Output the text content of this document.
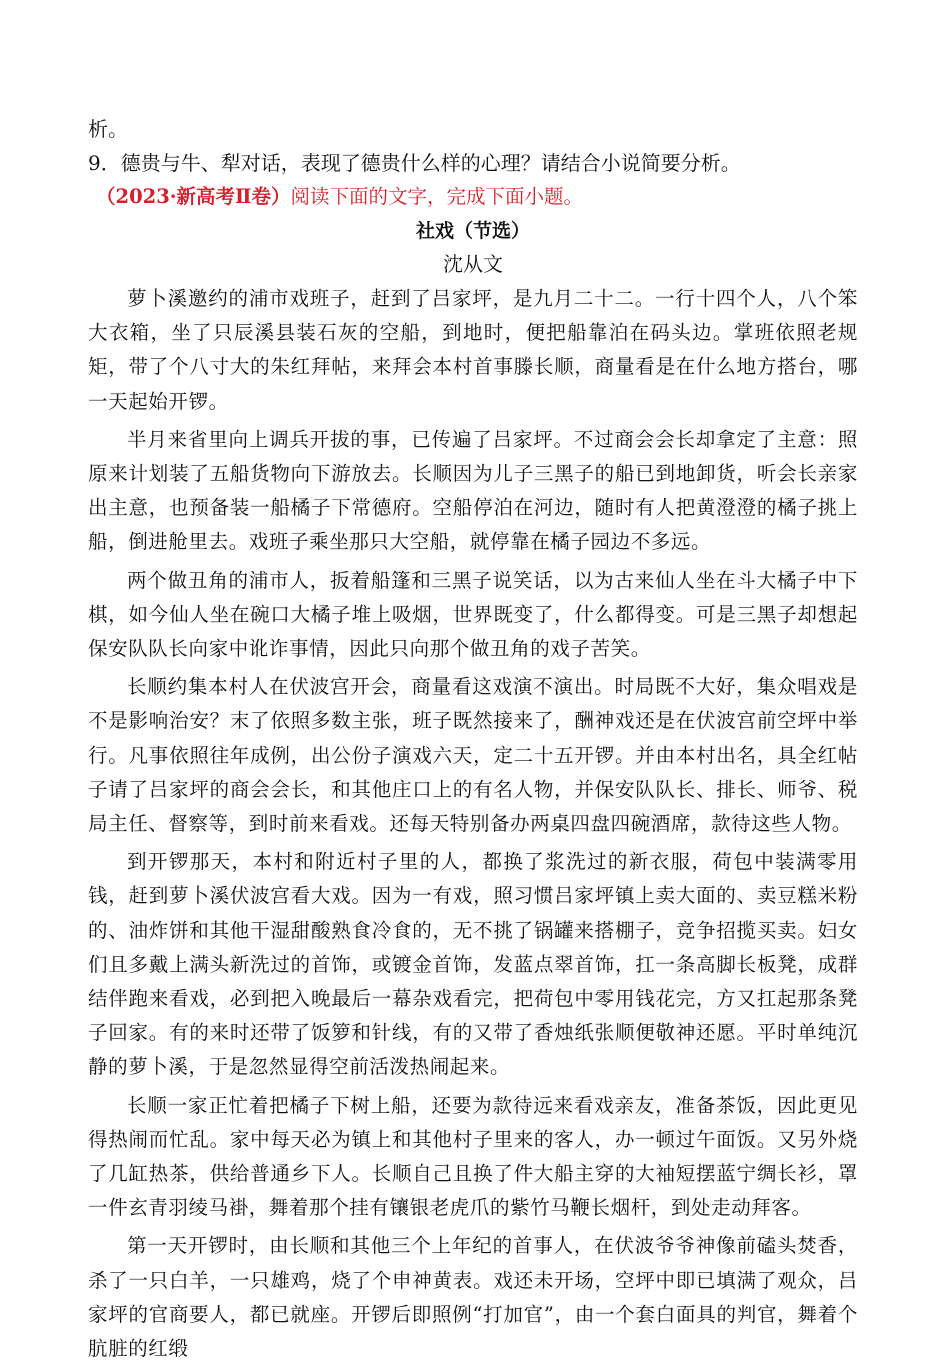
析。

9．德贵与牛、犁对话，表现了德贵什么样的心理？请结合小说简要分析。

（2023·新高考Ⅱ卷）阅读下面的文字，完成下面小题。

社戏（节选）

沈从文

萝卜溪邀约的浦市戏班子，赶到了吕家坪，是九月二十二。一行十四个人，八个笨大衣箱，坐了只辰溪县装石灰的空船，到地时，便把船靠泊在码头边。掌班依照老规矩，带了个八寸大的朱红拜帖，来拜会本村首事滕长顺，商量看是在什么地方搭台，哪一天起始开锣。

半月来省里向上调兵开拔的事，已传遍了吕家坪。不过商会会长却拿定了主意：照原来计划装了五船货物向下游放去。长顺因为儿子三黑子的船已到地卸货，听会长亲家出主意，也预备装一船橘子下常德府。空船停泊在河边，随时有人把黄澄澄的橘子挑上船，倒进舱里去。戏班子乘坐那只大空船，就停靠在橘子园边不多远。

两个做丑角的浦市人，扳着船篷和三黑子说笑话，以为古来仙人坐在斗大橘子中下棋，如今仙人坐在碗口大橘子堆上吸烟，世界既变了，什么都得变。可是三黑子却想起保安队队长向家中讹诈事情，因此只向那个做丑角的戏子苦笑。

长顺约集本村人在伏波宫开会，商量看这戏演不演出。时局既不大好，集众唱戏是不是影响治安？末了依照多数主张，班子既然接来了，酬神戏还是在伏波宫前空坪中举行。凡事依照往年成例，出公份子演戏六天，定二十五开锣。并由本村出名，具全红帖子请了吕家坪的商会会长，和其他庄口上的有名人物，并保安队队长、排长、师爷、税局主任、督察等，到时前来看戏。还每天特别备办两桌四盘四碗酒席，款待这些人物。

到开锣那天，本村和附近村子里的人，都换了浆洗过的新衣服，荷包中装满零用钱，赶到萝卜溪伏波宫看大戏。因为一有戏，照习惯吕家坪镇上卖大面的、卖豆糕米粉的、油炸饼和其他干湿甜酸熟食冷食的，无不挑了锅罐来搭棚子，竞争招揽买卖。妇女们且多戴上满头新洗过的首饰，或镀金首饰，发蓝点翠首饰，扛一条高脚长板凳，成群结伴跑来看戏，必到把入晚最后一幕杂戏看完，把荷包中零用钱花完，方又扛起那条凳子回家。有的来时还带了饭箩和针线，有的又带了香烛纸张顺便敬神还愿。平时单纯沉静的萝卜溪，于是忽然显得空前活泼热闹起来。

长顺一家正忙着把橘子下树上船，还要为款待远来看戏亲友，准备茶饭，因此更见得热闹而忙乱。家中每天必为镇上和其他村子里来的客人，办一顿过午面饭。又另外烧了几缸热茶，供给普通乡下人。长顺自己且换了件大船主穿的大袖短摆蓝宁绸长衫，罩一件玄青羽绫马褂，舞着那个挂有镶银老虎爪的紫竹马鞭长烟杆，到处走动拜客。

第一天开锣时，由长顺和其他三个上年纪的首事人，在伏波爷爷神像前磕头焚香，杀了一只白羊，一只雄鸡，烧了个申神黄表。戏还未开场，空坪中即已填满了观众，吕家坪的官商要人，都已就座。开锣后即照例“打加官”，由一个套白面具的判官，舞着个肮脏的红缎
